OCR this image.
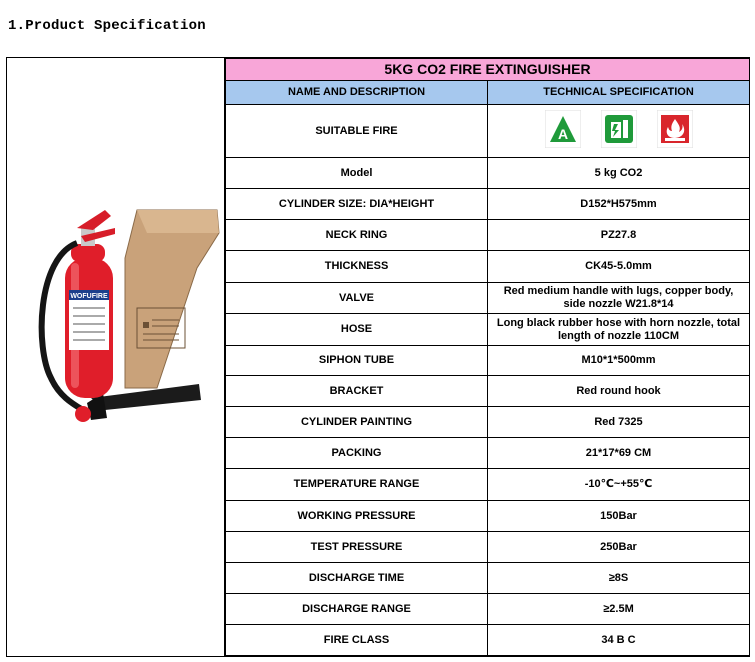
1.Product Specification
WOFUFIRE
5KG CO2 FIRE EXTINGUISHER	
NAME AND DESCRIPTION	TECHNICAL SPECIFICATION
SUITABLE FIRE	A

Model	5 kg CO2
CYLINDER SIZE: DIA*HEIGHT	D152*H575mm
NECK RING	PZ27.8
THICKNESS	CK45-5.0mm
VALVE	Red medium handle with lugs, copper body, side nozzle W21.8*14
HOSE	Long black rubber hose with horn nozzle, total length of nozzle 110CM
SIPHON TUBE	M10*1*500mm
BRACKET	Red round hook
CYLINDER PAINTING	Red 7325
PACKING	21*17*69 CM
TEMPERATURE RANGE	-10℃~+55℃
WORKING PRESSURE	150Bar
TEST PRESSURE	250Bar
DISCHARGE TIME	≥8S
DISCHARGE RANGE	≥2.5M
FIRE CLASS	34 B C
